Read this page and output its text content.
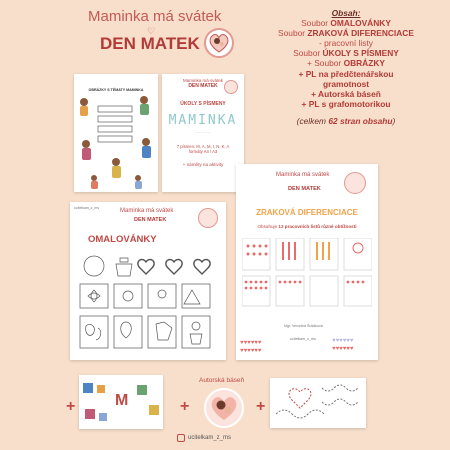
Maminka má svátek
♡
DEN MATEK
Obsah:
Soubor OMALOVÁNKY
Soubor ZRAKOVÁ DIFERENCIACE
- pracovní listy
Soubor ÚKOLY S PÍSMENY
+ Soubor OBRÁZKY
+ PL na předčtenářskou
gramotnost
+ Autorská báseň
+ PL s grafomotorikou
(celkem 62 stran obsahu)
OBRÁZKY S TÉMATY MAMINKA
Maminka má svátek
DEN MATEK
ÚKOLY S PÍSMENY
MAMINKA
- - - - - - - -
7 písmen: M, A, M, I, N, K, A
formáty A4 / A3
+ náměty na aktivity
ucitelkam_z_ms	Maminka má svátek
DEN MATEK
OMALOVÁNKY
Maminka má svátek
DEN MATEK
ZRAKOVÁ DIFERENCIACE
Obsahuje 12 pracovních listů různé obtížnosti
Mgr. Veronika Šušáková
ucitelkam_z_ms
♥♥♥♥♥♥
♥♥♥♥♥♥
♥♥♥♥♥♥
♥♥♥♥♥♥
+ M	+
Autorská báseň
+
ucitelkam_z_ms
